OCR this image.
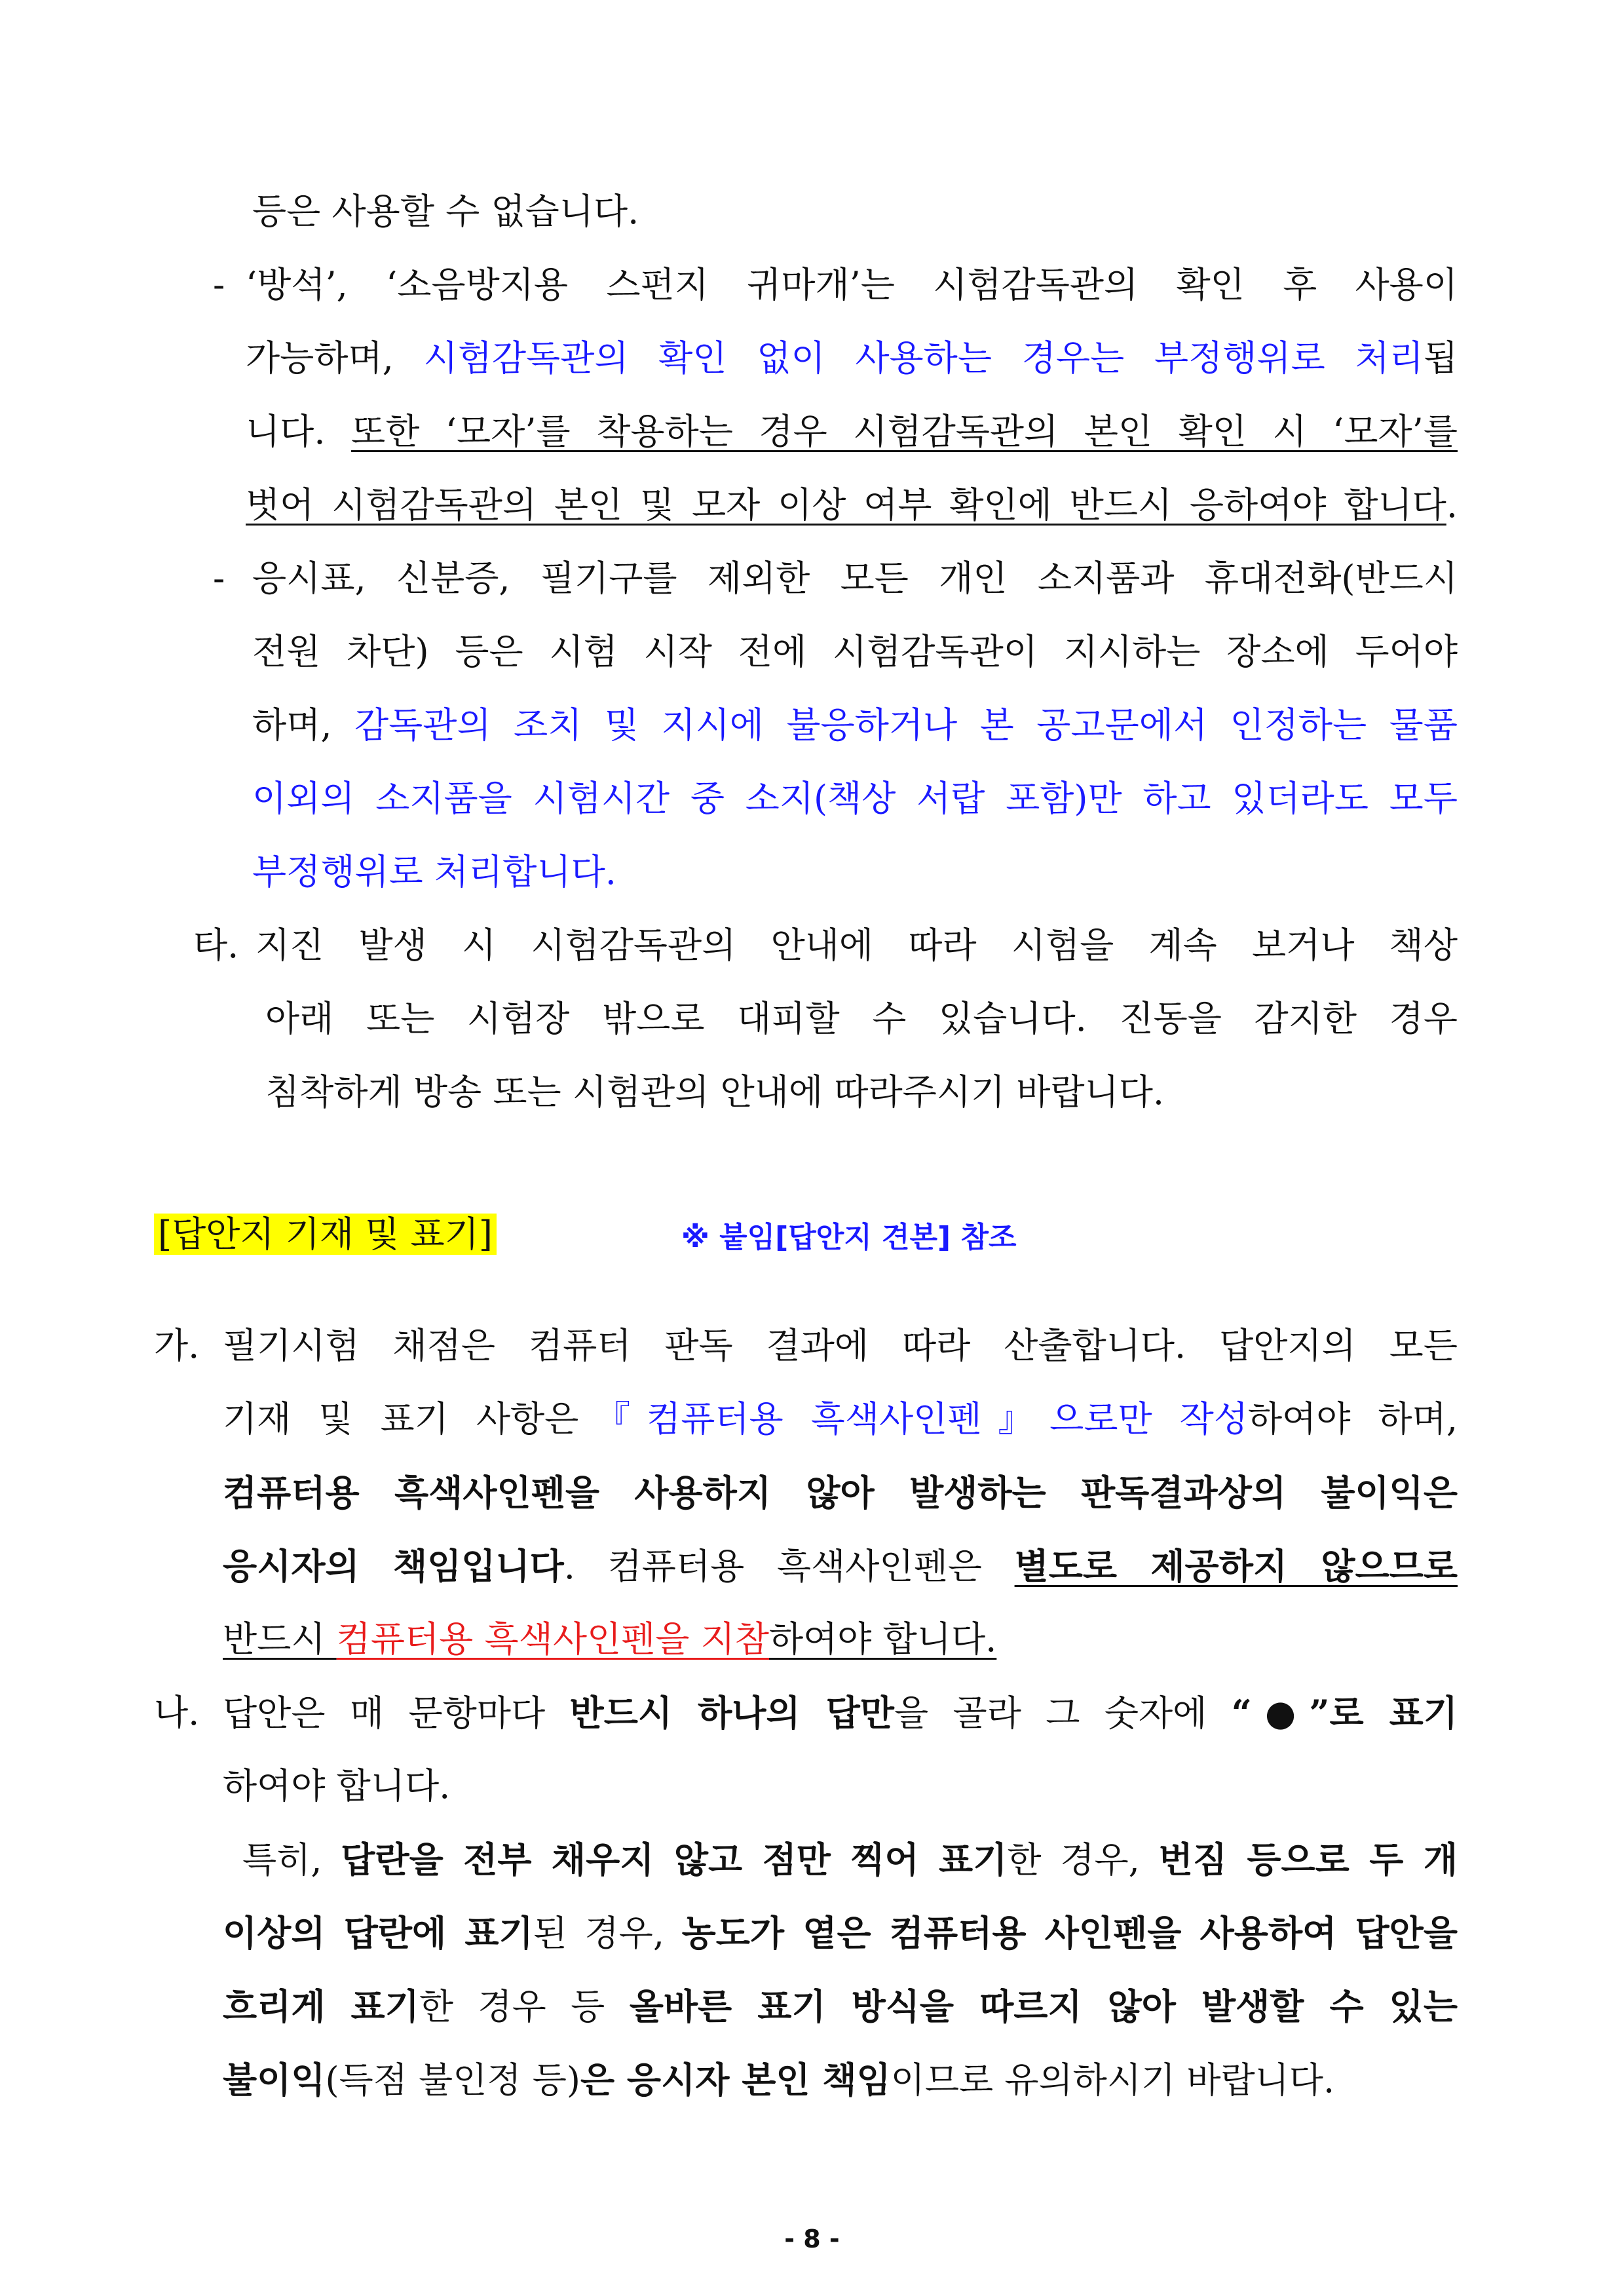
등은 사용할 수 없습니다.
- ‘방석’, ‘소음방지용 스펀지 귀마개’는 시험감독관의 확인 후 사용이
가능하며, 시험감독관의 확인 없이 사용하는 경우는 부정행위로 처리됩
니다. 또한 ‘모자’를 착용하는 경우 시험감독관의 본인 확인 시 ‘모자’를
벗어 시험감독관의 본인 및 모자 이상 여부 확인에 반드시 응하여야 합니다.
- 응시표, 신분증, 필기구를 제외한 모든 개인 소지품과 휴대전화(반드시
전원 차단) 등은 시험 시작 전에 시험감독관이 지시하는 장소에 두어야
하며, 감독관의 조치 및 지시에 불응하거나 본 공고문에서 인정하는 물품
이외의 소지품을 시험시간 중 소지(책상 서랍 포함)만 하고 있더라도 모두
부정행위로 처리합니다.
타. 지진 발생 시 시험감독관의 안내에 따라 시험을 계속 보거나 책상
아래 또는 시험장 밖으로 대피할 수 있습니다. 진동을 감지한 경우
침착하게 방송 또는 시험관의 안내에 따라주시기 바랍니다.
[답안지 기재 및 표기]	※ 붙임[답안지 견본] 참조
가. 필기시험 채점은 컴퓨터 판독 결과에 따라 산출합니다. 답안지의 모든
기재 및 표기 사항은『컴퓨터용 흑색사인펜』으로만 작성하여야 하며,
컴퓨터용 흑색사인펜을 사용하지 않아 발생하는 판독결과상의 불이익은
응시자의 책임입니다. 컴퓨터용 흑색사인펜은 별도로 제공하지 않으므로
반드시 컴퓨터용 흑색사인펜을 지참하여야 합니다.
나. 답안은 매 문항마다 반드시 하나의 답만을 골라 그 숫자에 “●”로 표기
하여야 합니다.
특히, 답란을 전부 채우지 않고 점만 찍어 표기한 경우, 번짐 등으로 두 개
이상의 답란에 표기된 경우, 농도가 옅은 컴퓨터용 사인펜을 사용하여 답안을
흐리게 표기한 경우 등 올바른 표기 방식을 따르지 않아 발생할 수 있는
불이익(득점 불인정 등)은 응시자 본인 책임이므로 유의하시기 바랍니다.
- 8 -
